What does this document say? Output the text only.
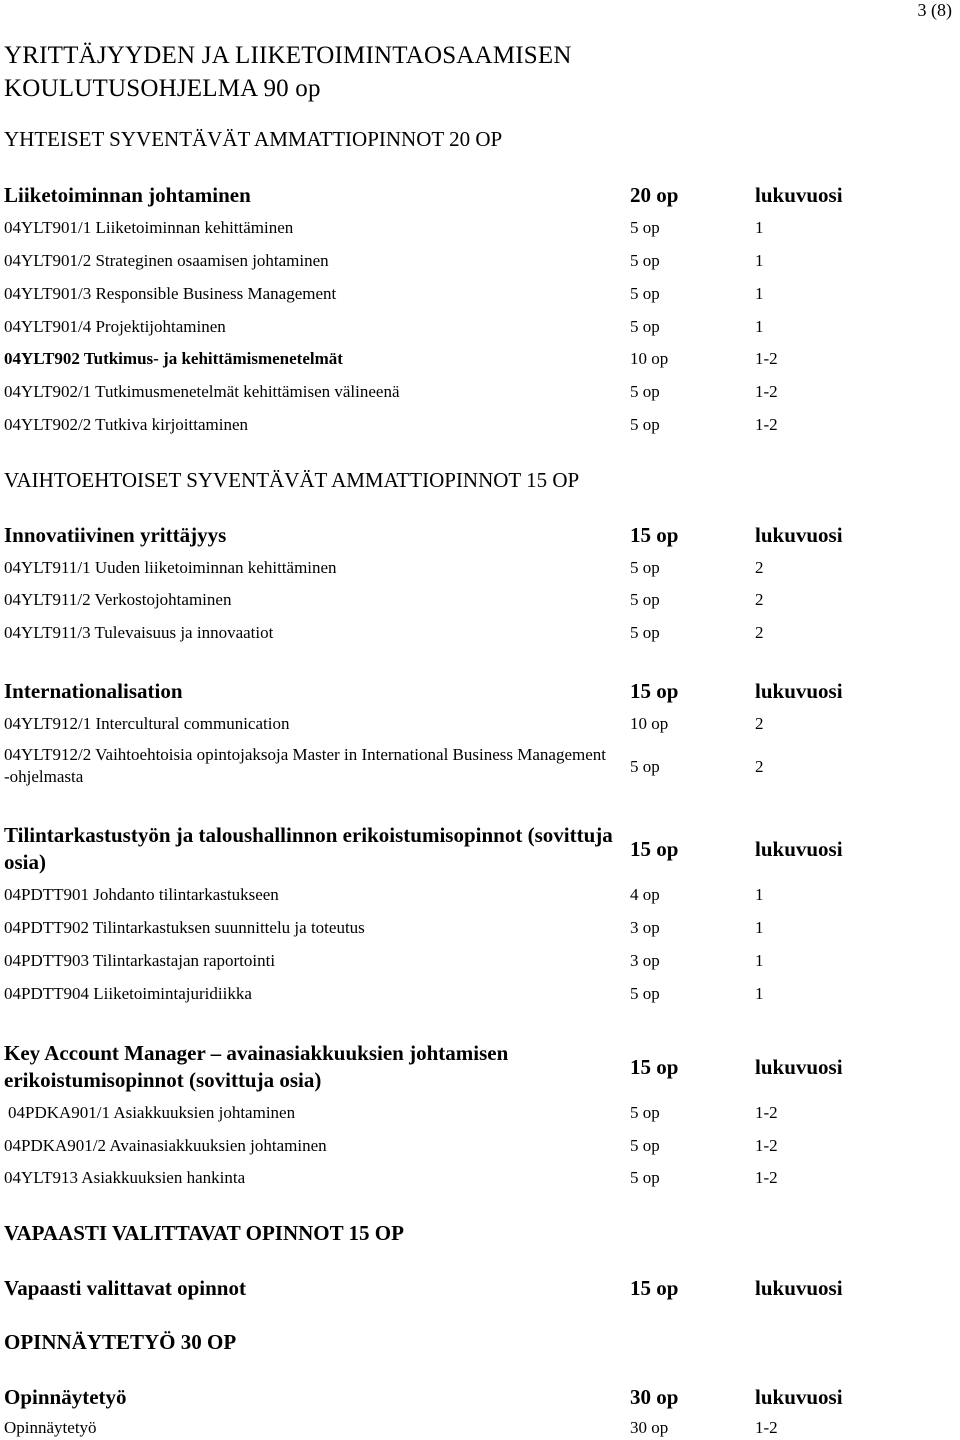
3 (8)
YRITTÄJYYDEN JA LIIKETOIMINTAOSAAMISEN
KOULUTUSOHJELMA 90 op
YHTEISET SYVENTÄVÄT AMMATTIOPINNOT 20 OP
Liiketoiminnan johtaminen	20 op	lukuvuosi
04YLT901/1 Liiketoiminnan kehittäminen	5 op	1
04YLT901/2 Strateginen osaamisen johtaminen	5 op	1
04YLT901/3 Responsible Business Management	5 op	1
04YLT901/4 Projektijohtaminen	5 op	1
04YLT902 Tutkimus- ja kehittämismenetelmät	10 op	1-2
04YLT902/1 Tutkimusmenetelmät kehittämisen välineenä	5 op	1-2
04YLT902/2 Tutkiva kirjoittaminen	5 op	1-2
VAIHTOEHTOISET SYVENTÄVÄT AMMATTIOPINNOT 15 OP
Innovatiivinen yrittäjyys	15 op	lukuvuosi
04YLT911/1 Uuden liiketoiminnan kehittäminen	5 op	2
04YLT911/2 Verkostojohtaminen	5 op	2
04YLT911/3 Tulevaisuus ja innovaatiot	5 op	2
Internationalisation	15 op	lukuvuosi
04YLT912/1 Intercultural communication	10 op	2
04YLT912/2 Vaihtoehtoisia opintojaksoja Master in International Business Management -ohjelmasta
5 op	2
Tilintarkastustyön ja taloushallinnon erikoistumisopinnot (sovittuja osia)
15 op	lukuvuosi
04PDTT901 Johdanto tilintarkastukseen	4 op	1
04PDTT902 Tilintarkastuksen suunnittelu ja toteutus	3 op	1
04PDTT903 Tilintarkastajan raportointi	3 op	1
04PDTT904 Liiketoimintajuridiikka	5 op	1
Key Account Manager – avainasiakkuuksien johtamisen erikoistumisopinnot (sovittuja osia)
15 op	lukuvuosi
04PDKA901/1 Asiakkuuksien johtaminen	5 op	1-2
04PDKA901/2 Avainasiakkuuksien johtaminen	5 op	1-2
04YLT913 Asiakkuuksien hankinta	5 op	1-2
VAPAASTI VALITTAVAT OPINNOT 15 OP
Vapaasti valittavat opinnot	15 op	lukuvuosi
OPINNÄYTETYÖ 30 OP
Opinnäytetyö	30 op	lukuvuosi
Opinnäytetyö	30 op	1-2
